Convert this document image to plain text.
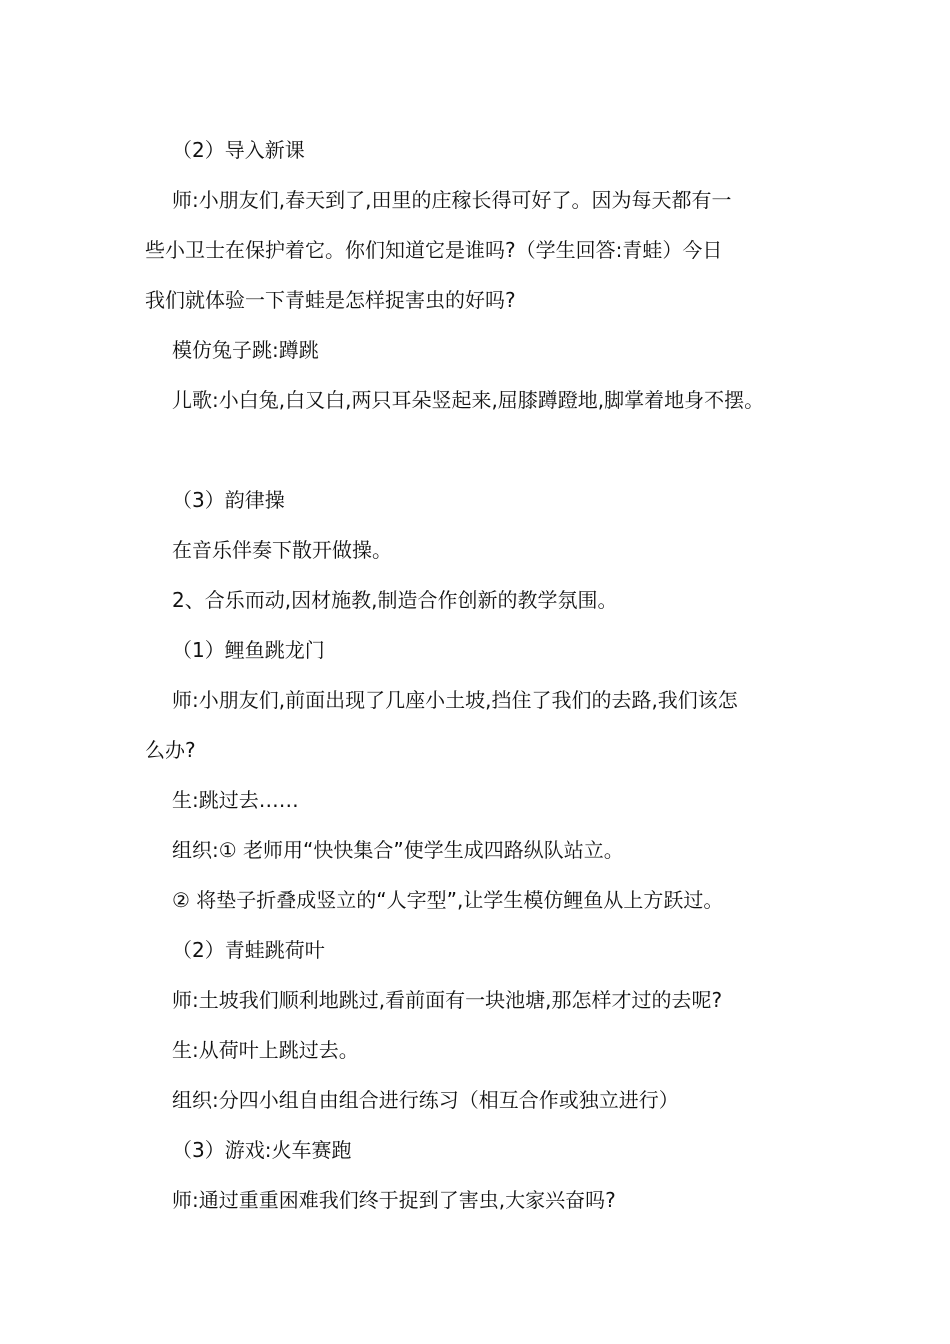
（2）导入新课
师:小朋友们,春天到了,田里的庄稼长得可好了。因为每天都有一
些小卫士在保护着它。你们知道它是谁吗?（学生回答:青蛙）今日
我们就体验一下青蛙是怎样捉害虫的好吗?
模仿兔子跳:蹲跳
儿歌:小白兔,白又白,两只耳朵竖起来,屈膝蹲蹬地,脚掌着地身不摆。
（3）韵律操
在音乐伴奏下散开做操。
2、合乐而动,因材施教,制造合作创新的教学氛围。
（1）鲤鱼跳龙门
师:小朋友们,前面出现了几座小土坡,挡住了我们的去路,我们该怎
么办?
生:跳过去……
组织:① 老师用“快快集合”使学生成四路纵队站立。
② 将垫子折叠成竖立的“人字型”,让学生模仿鲤鱼从上方跃过。
（2）青蛙跳荷叶
师:土坡我们顺利地跳过,看前面有一块池塘,那怎样才过的去呢?
生:从荷叶上跳过去。
组织:分四小组自由组合进行练习（相互合作或独立进行）
（3）游戏:火车赛跑
师:通过重重困难我们终于捉到了害虫,大家兴奋吗?
